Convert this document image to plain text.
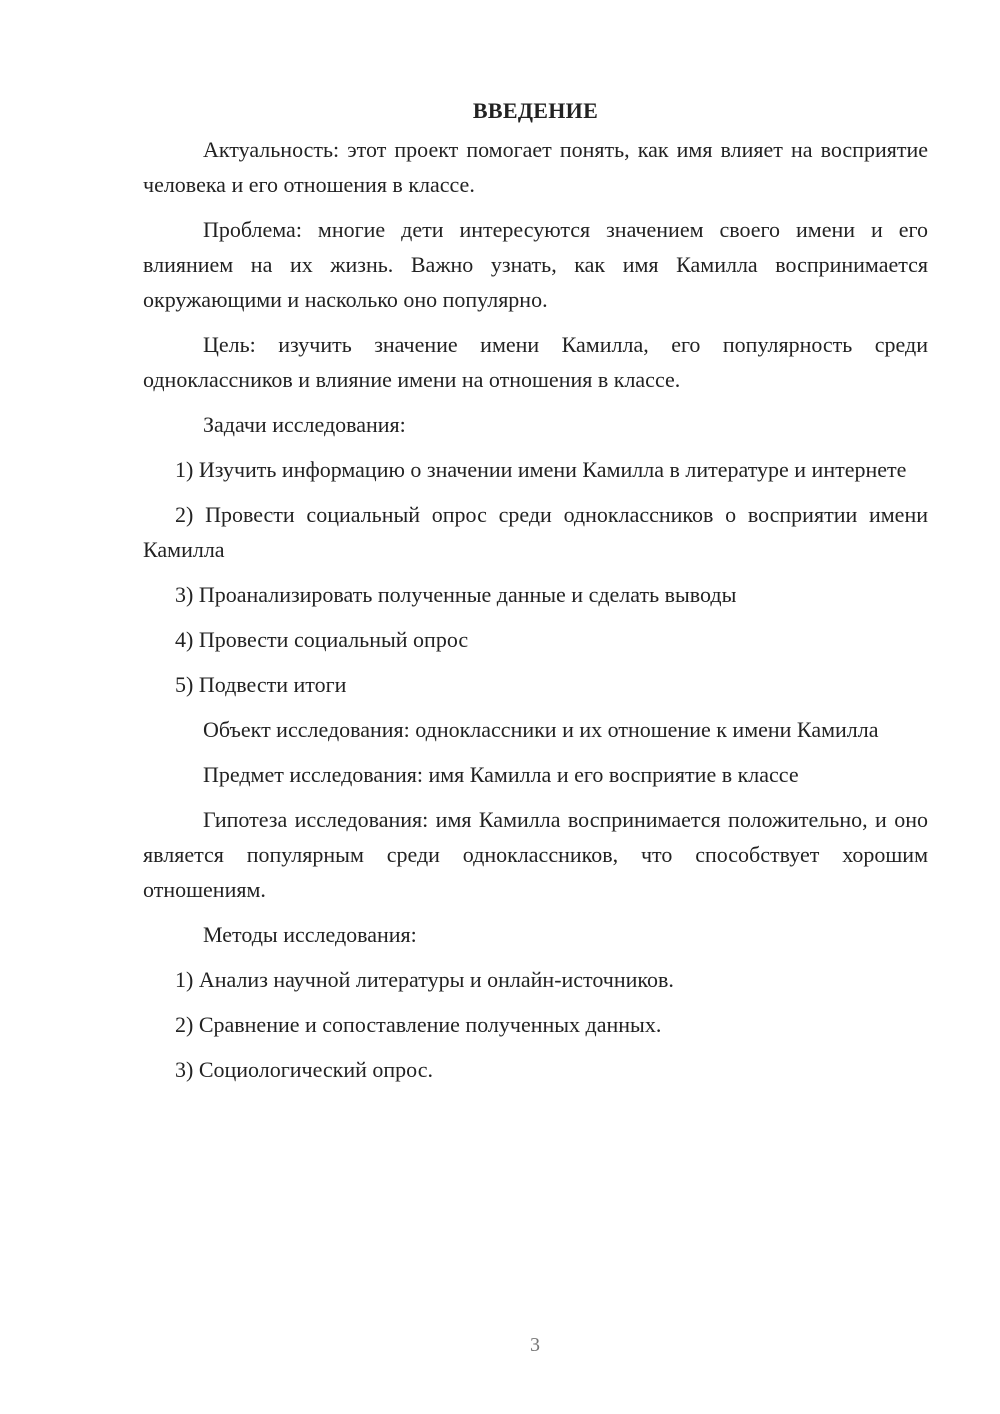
ВВЕДЕНИЕ

Актуальность: этот проект помогает понять, как имя влияет на восприятие человека и его отношения в классе.

Проблема: многие дети интересуются значением своего имени и его влиянием на их жизнь. Важно узнать, как имя Камилла воспринимается окружающими и насколько оно популярно.

Цель: изучить значение имени Камилла, его популярность среди одноклассников и влияние имени на отношения в классе.

Задачи исследования:

1) Изучить информацию о значении имени Камилла в литературе и интернете

2) Провести социальный опрос среди одноклассников о восприятии имени Камилла

3) Проанализировать полученные данные и сделать выводы

4) Провести социальный опрос

5) Подвести итоги

Объект исследования: одноклассники и их отношение к имени Камилла

Предмет исследования: имя Камилла и его восприятие в классе

Гипотеза исследования: имя Камилла воспринимается положительно, и оно является популярным среди одноклассников, что способствует хорошим отношениям.

Методы исследования:

1) Анализ научной литературы и онлайн-источников.

2) Сравнение и сопоставление полученных данных.

3) Социологический опрос.

3
